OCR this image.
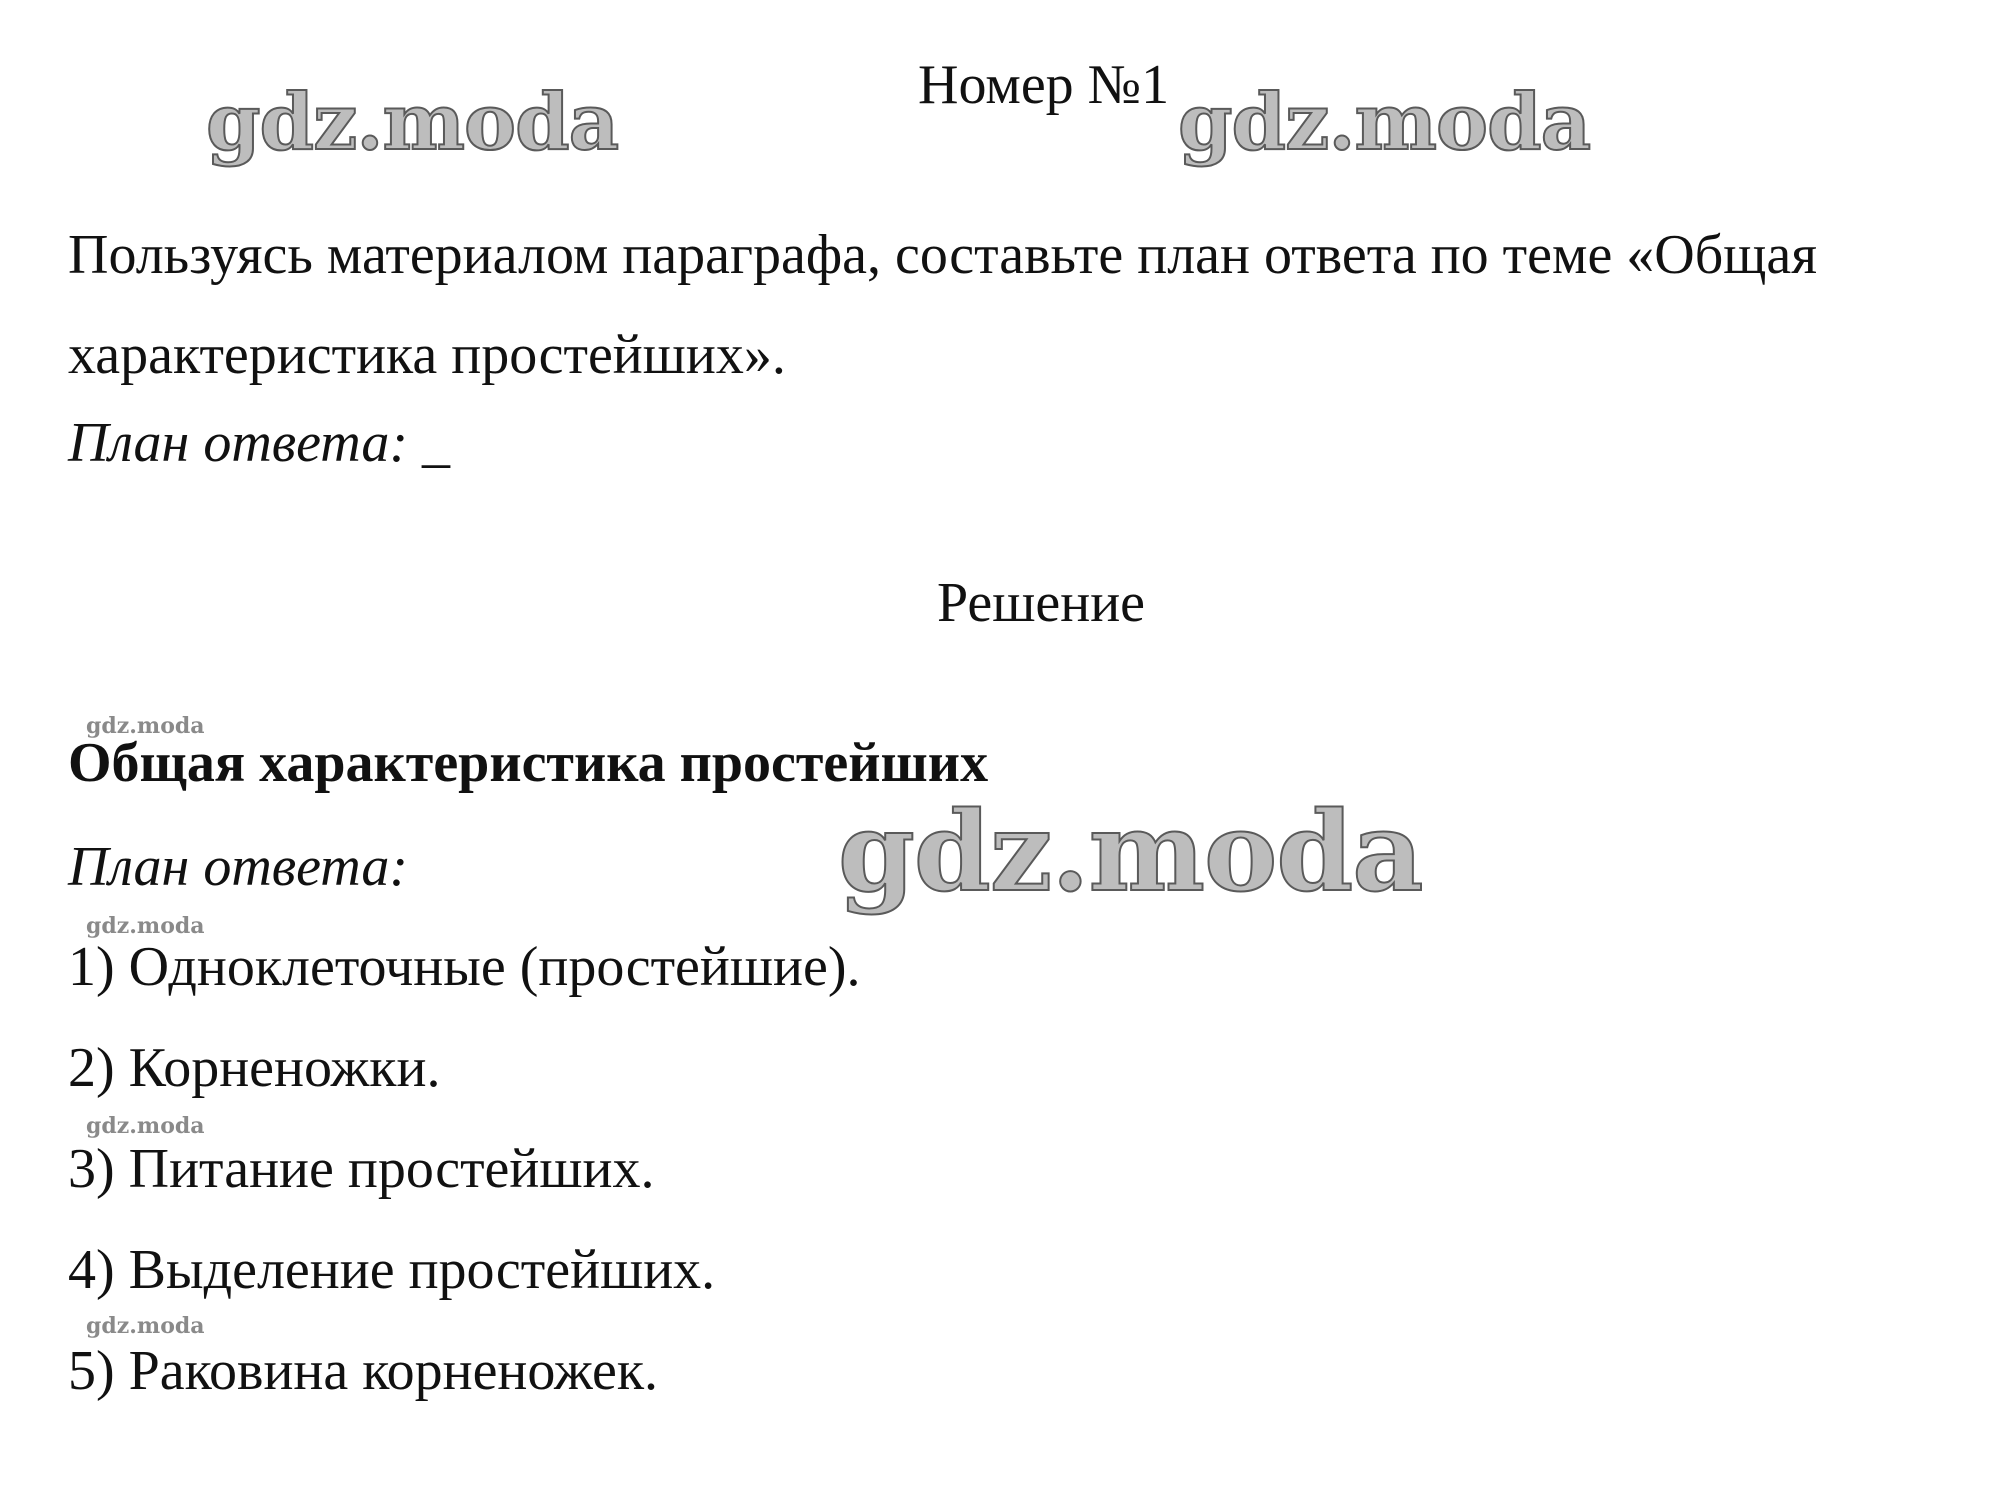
gdz.moda	gdz.moda
gdz.moda
gdz.moda
gdz.moda
gdz.moda
gdz.moda
Номер №1
Пользуясь материалом параграфа, составьте план ответа по теме «Общая характеристика простейших».
План ответа: _
Решение
Общая характеристика простейших
План ответа:
1) Одноклеточные (простейшие).
2) Корненожки.
3) Питание простейших.
4) Выделение простейших.
5) Раковина корненожек.
